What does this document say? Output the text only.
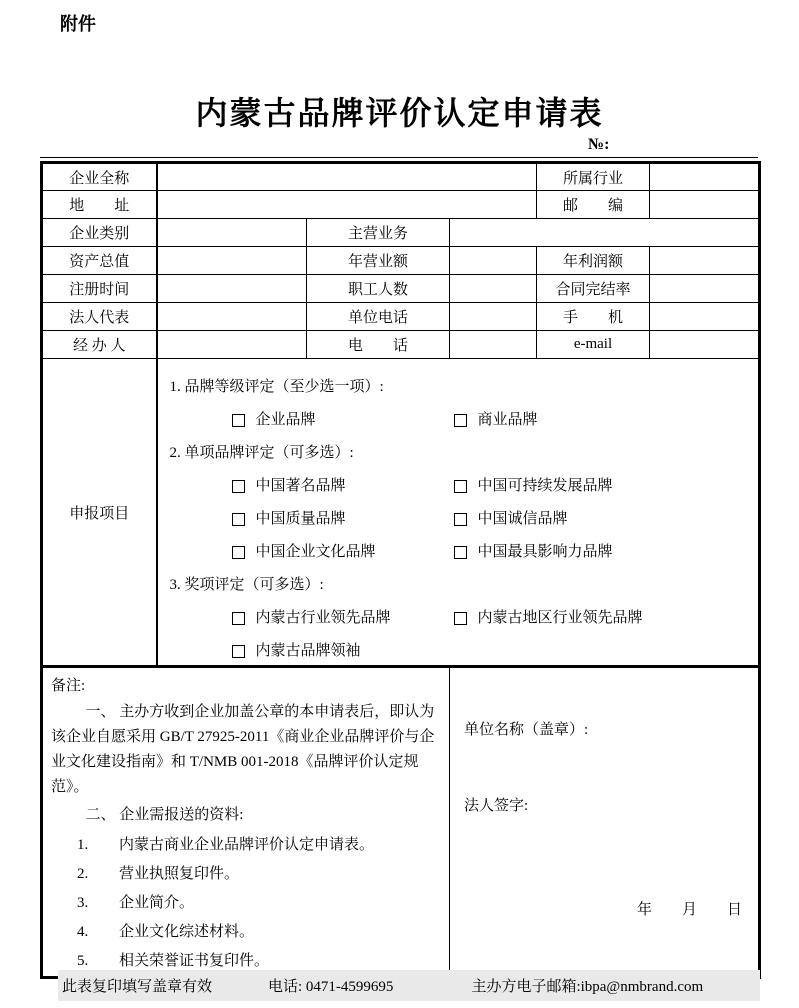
附件
内蒙古品牌评价认定申请表
№:
企业全称				所属行业	
地　　址				邮　　编	
企业类别		主营业务			
资产总值		年营业额		年利润额	
注册时间		职工人数		合同完结率	
法人代表		单位电话		手　　机	
经 办 人		电　　话		e-mail	
申报项目	
1. 品牌等级评定（至少选一项）:
企业品牌	商业品牌
2. 单项品牌评定（可多选）:
中国著名品牌	中国可持续发展品牌
中国质量品牌	中国诚信品牌
中国企业文化品牌	中国最具影响力品牌
3. 奖项评定（可多选）:
内蒙古行业领先品牌	内蒙古地区行业领先品牌
内蒙古品牌领袖

备注:
一、 主办方收到企业加盖公章的本申请表后，即认为该企业自愿采用 GB/T 27925-2011《商业企业品牌评价与企业文化建设指南》和 T/NMB 001-2018《品牌评价认定规范》。
二、 企业需报送的资料:
1.	内蒙古商业企业品牌评价认定申请表。
2.	营业执照复印件。
3.	企业简介。
4.	企业文化综述材料。
5.	相关荣誉证书复印件。

单位名称（盖章）:
法人签字:
年　　月　　日
此表复印填写盖章有效	电话: 0471-4599695	主办方电子邮箱:ibpa@nmbrand.com
